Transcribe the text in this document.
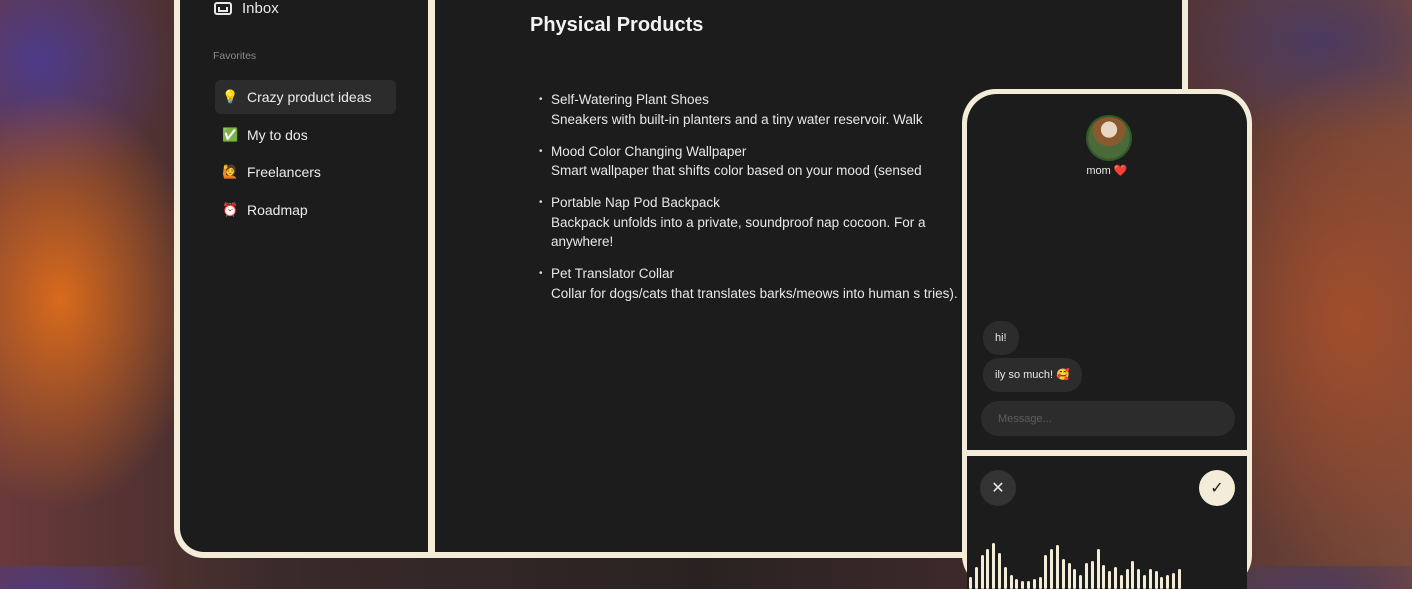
Inbox
Favorites
💡 Crazy product ideas
✅ My to dos
🙋 Freelancers
⏰ Roadmap
Physical Products
• Self-Watering Plant Shoes
Sneakers with built-in planters and a tiny water reservoir. Walk
• Mood Color Changing Wallpaper
Smart wallpaper that shifts color based on your mood (sensed
• Portable Nap Pod Backpack
Backpack unfolds into a private, soundproof nap cocoon. For a anywhere!
• Pet Translator Collar
Collar for dogs/cats that translates barks/meows into human s tries).
mom ❤️
hi!
ily so much! 🥰
Message...
✕	✓
